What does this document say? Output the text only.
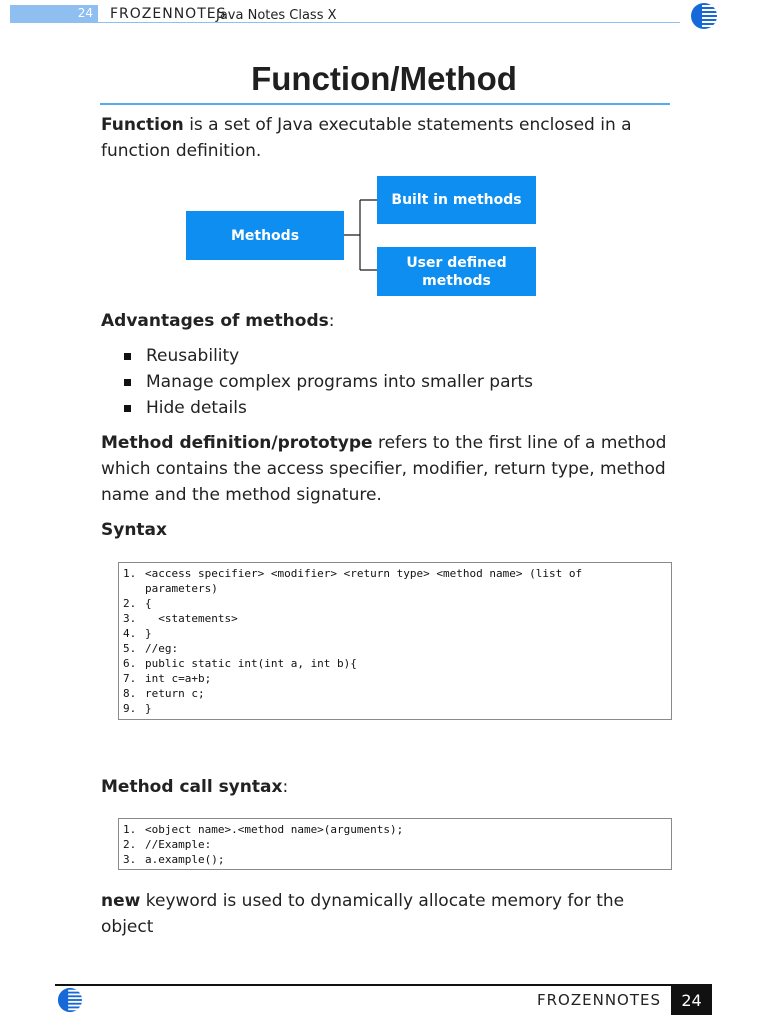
24 FROZENNOTES
Java Notes Class X
Function/Method

Function is a set of Java executable statements enclosed in a function definition.

Methods
Built in methods
User defined methods

Advantages of methods:

Reusability
Manage complex programs into smaller parts
Hide details

Method definition/prototype refers to the first line of a method which contains the access specifier, modifier, return type, method name and the method signature.

Syntax

1. <access specifier> <modifier> <return type> <method name> (list of
parameters)
2. {
3.  <statements>
4. }
5. //eg:
6. public static int(int a, int b){
7. int c=a+b;
8. return c;
9. }

Method call syntax:

1. <object name>.<method name>(arguments);
2. //Example:
3. a.example();

new keyword is used to dynamically allocate memory for the object

FROZENNOTES	24
